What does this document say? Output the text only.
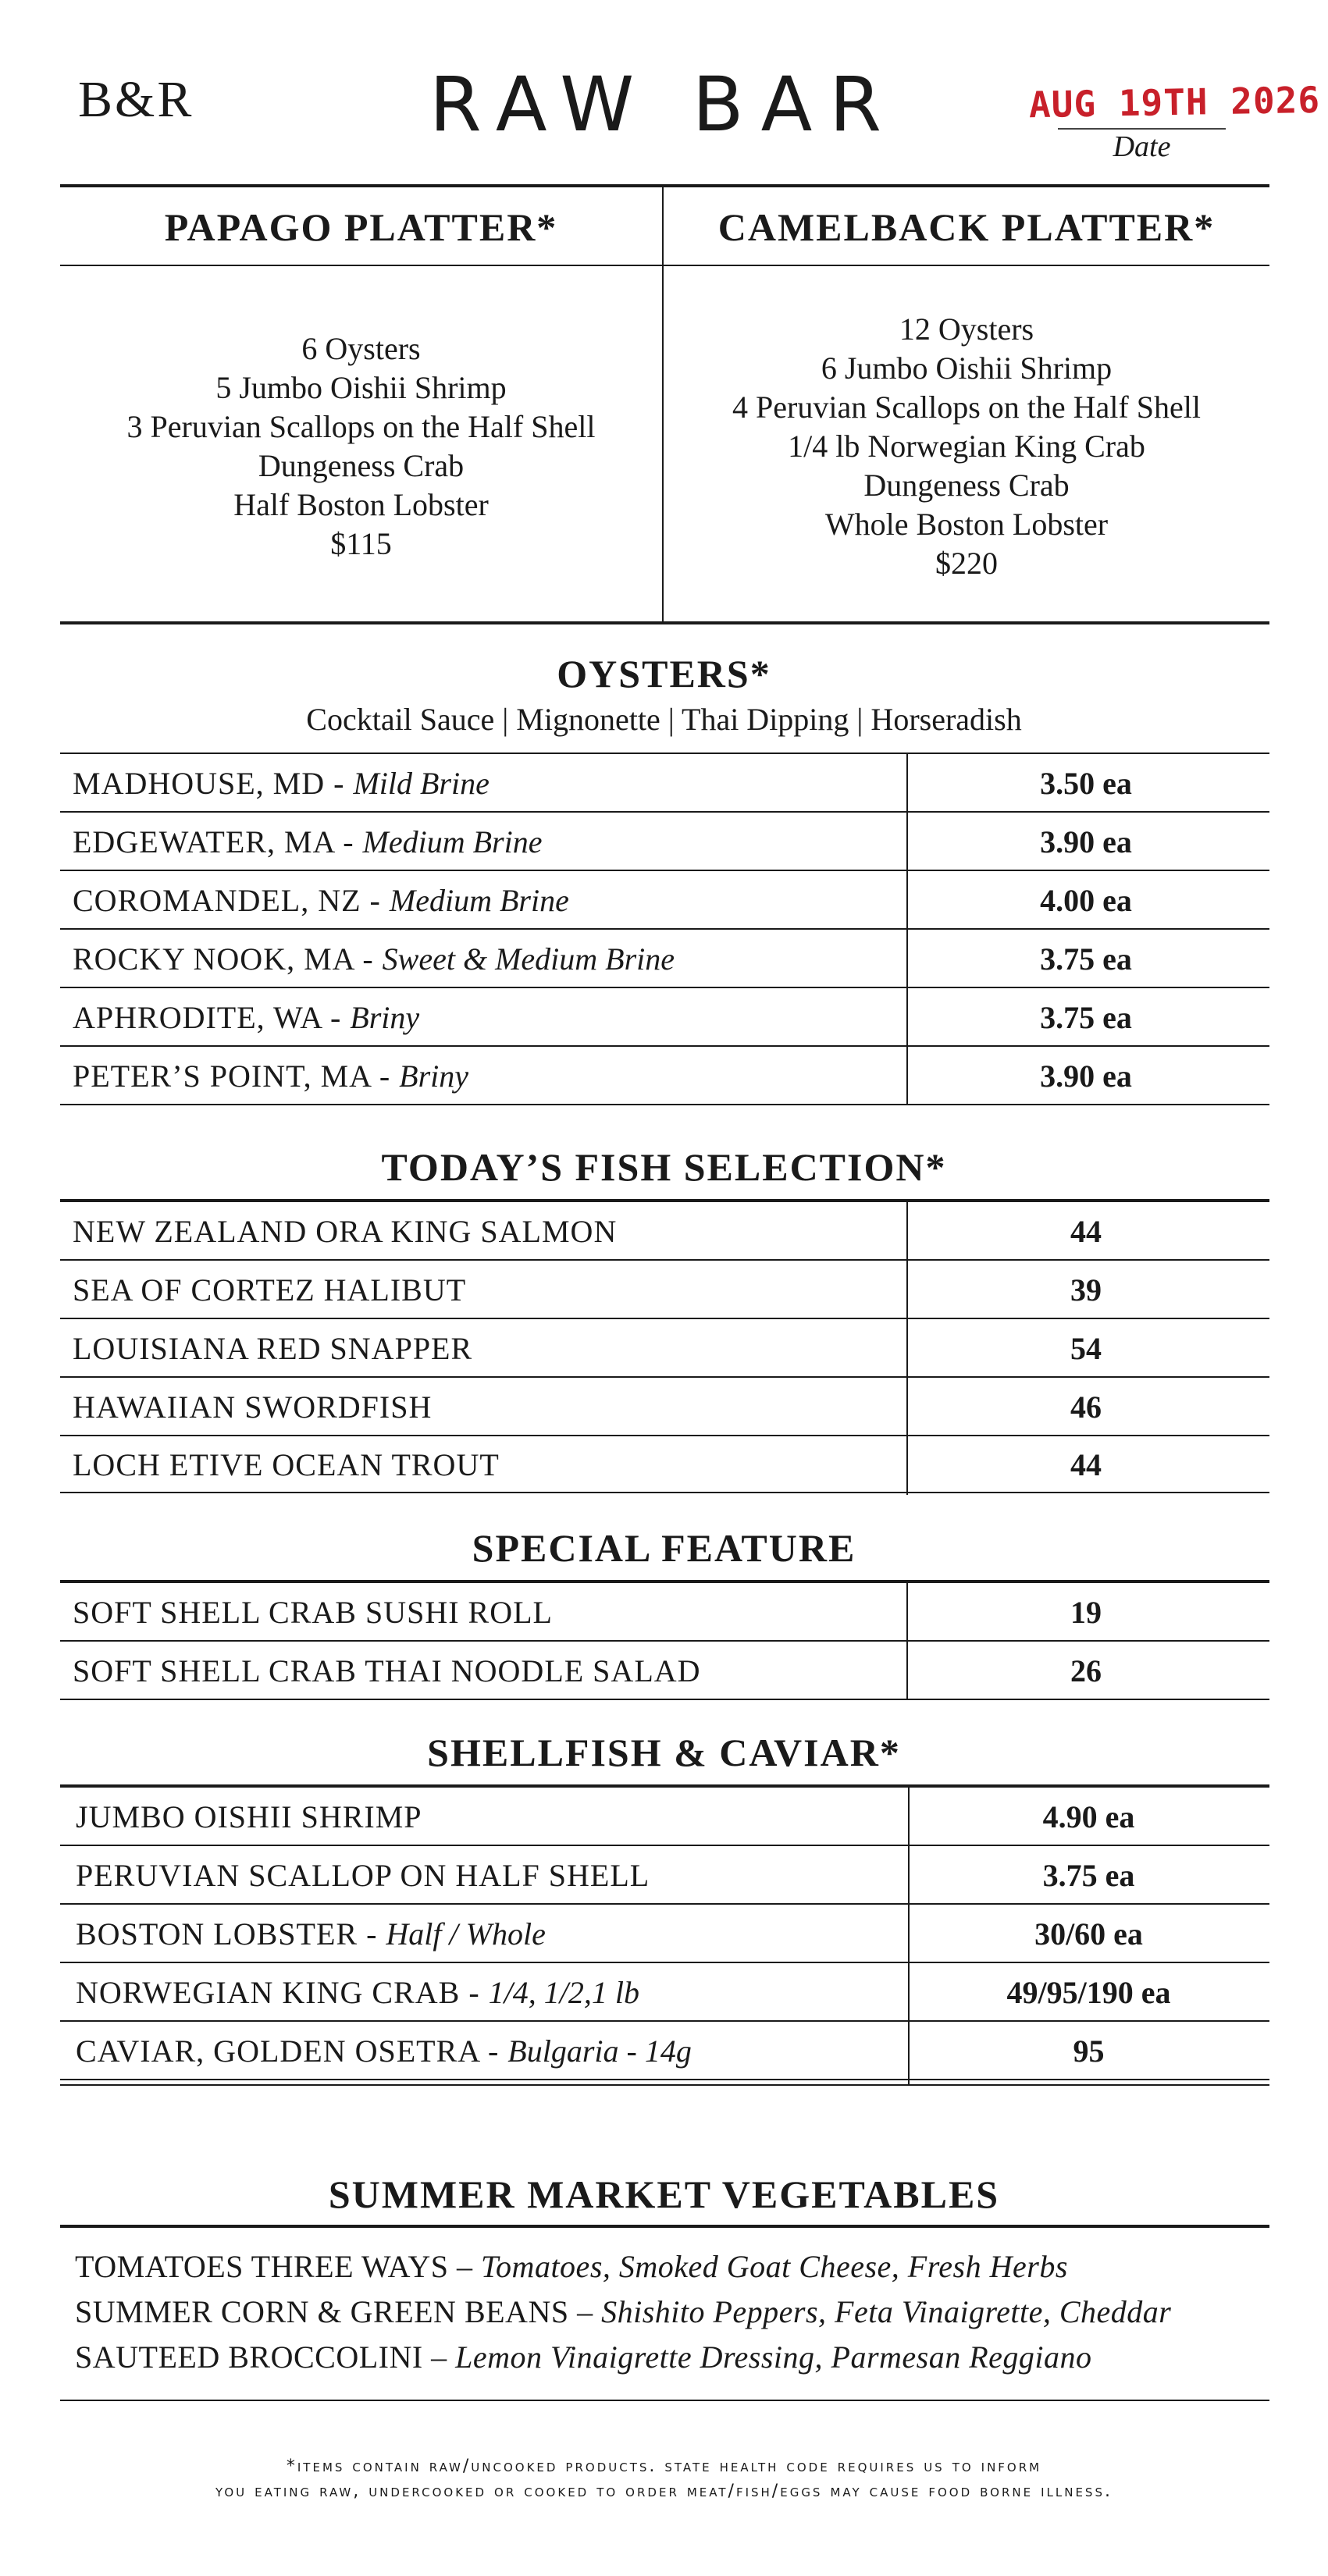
B&R	RAW BAR	AUG 19TH 2026
Date
PAPAGO PLATTER*	CAMELBACK PLATTER*
6 Oysters
5 Jumbo Oishii Shrimp
3 Peruvian Scallops on the Half Shell
Dungeness Crab
Half Boston Lobster
$115
12 Oysters
6 Jumbo Oishii Shrimp
4 Peruvian Scallops on the Half Shell
1/4 lb Norwegian King Crab
Dungeness Crab
Whole Boston Lobster
$220
OYSTERS*
Cocktail Sauce | Mignonette | Thai Dipping | Horseradish
MADHOUSE, MD - Mild Brine	3.50 ea
EDGEWATER, MA - Medium Brine	3.90 ea
COROMANDEL, NZ - Medium Brine	4.00 ea
ROCKY NOOK, MA - Sweet & Medium Brine	3.75 ea
APHRODITE, WA - Briny	3.75 ea
PETER’S POINT, MA - Briny	3.90 ea
TODAY’S FISH SELECTION*
NEW ZEALAND ORA KING SALMON	44
SEA OF CORTEZ HALIBUT	39
LOUISIANA RED SNAPPER	54
HAWAIIAN SWORDFISH	46
LOCH ETIVE OCEAN TROUT	44
SPECIAL FEATURE
SOFT SHELL CRAB SUSHI ROLL	19
SOFT SHELL CRAB THAI NOODLE SALAD	26
SHELLFISH & CAVIAR*
JUMBO OISHII SHRIMP	4.90 ea
PERUVIAN SCALLOP ON HALF SHELL	3.75 ea
BOSTON LOBSTER - Half / Whole	30/60 ea
NORWEGIAN KING CRAB - 1/4, 1/2,1 lb	49/95/190 ea
CAVIAR, GOLDEN OSETRA - Bulgaria - 14g	95
SUMMER MARKET VEGETABLES
TOMATOES THREE WAYS – Tomatoes, Smoked Goat Cheese, Fresh Herbs
SUMMER CORN & GREEN BEANS – Shishito Peppers, Feta Vinaigrette, Cheddar
SAUTEED BROCCOLINI – Lemon Vinaigrette Dressing, Parmesan Reggiano
*items contain raw/uncooked products. state health code requires us to inform
you eating raw, undercooked or cooked to order meat/fish/eggs may cause food borne illness.
